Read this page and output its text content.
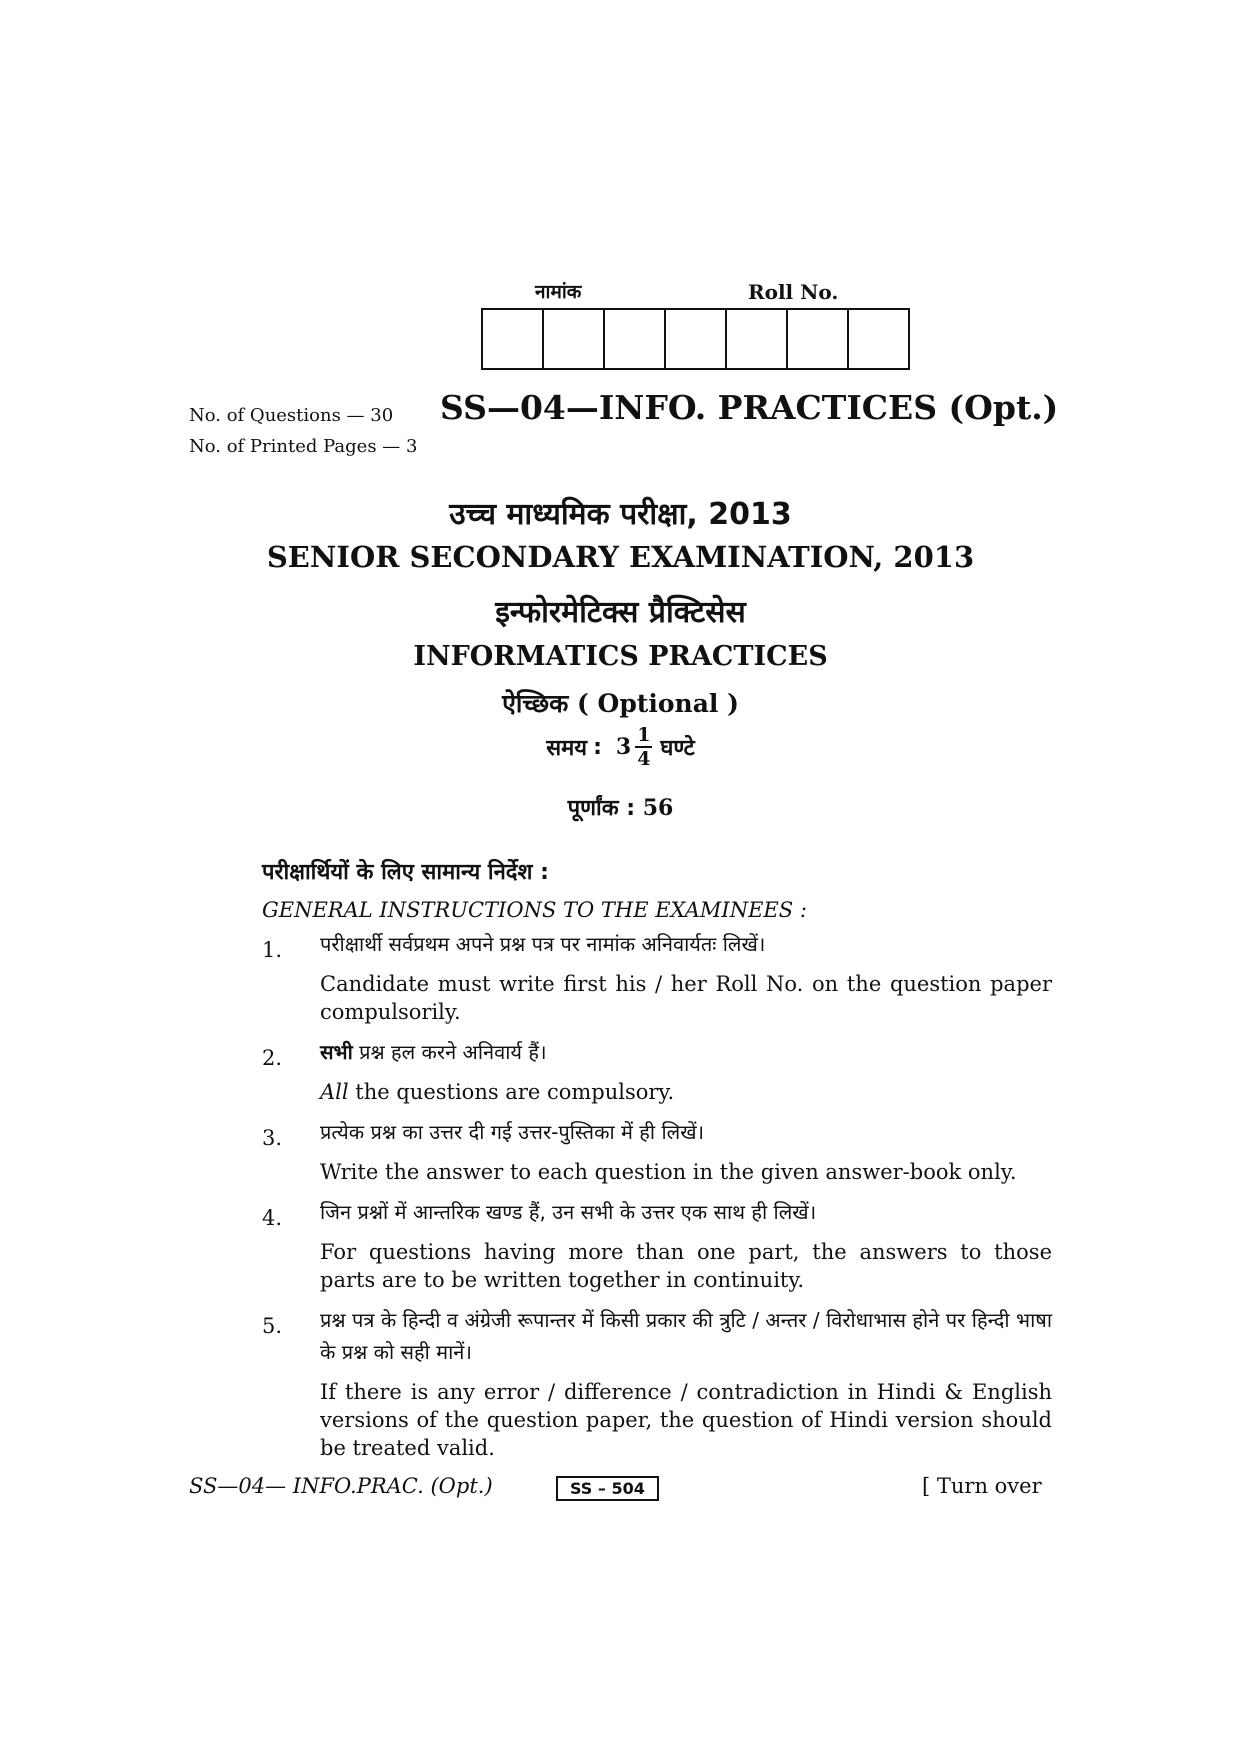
नामांक	Roll No.
No. of Questions — 30
No. of Printed Pages — 3
SS—04—INFO. PRACTICES (Opt.)
उच्च माध्यमिक परीक्षा, 2013
SENIOR SECONDARY EXAMINATION, 2013
इन्फोरमेटिक्स प्रैक्टिसेस
INFORMATICS PRACTICES
ऐच्छिक ( Optional )
समय : $3 \frac{1}{4}$ घण्टे
पूर्णांक : 56
परीक्षार्थियों के लिए सामान्य निर्देश :
GENERAL INSTRUCTIONS TO THE EXAMINEES :
1.	परीक्षार्थी सर्वप्रथम अपने प्रश्न पत्र पर नामांक अनिवार्यतः लिखें।
Candidate must write first his / her Roll No. on the question paper compulsorily.
2.	सभी प्रश्न हल करने अनिवार्य हैं।
All the questions are compulsory.
3.	प्रत्येक प्रश्न का उत्तर दी गई उत्तर-पुस्तिका में ही लिखें।
Write the answer to each question in the given answer-book only.
4.	जिन प्रश्नों में आन्तरिक खण्ड हैं, उन सभी के उत्तर एक साथ ही लिखें।
For questions having more than one part, the answers to those parts are to be written together in continuity.
5.	प्रश्न पत्र के हिन्दी व अंग्रेजी रूपान्तर में किसी प्रकार की त्रुटि / अन्तर / विरोधाभास होने पर हिन्दी भाषा के प्रश्न को सही मानें।
If there is any error / difference / contradiction in Hindi & English versions of the question paper, the question of Hindi version should be treated valid.
SS—04— INFO.PRAC. (Opt.)	SS – 504	[ Turn over
